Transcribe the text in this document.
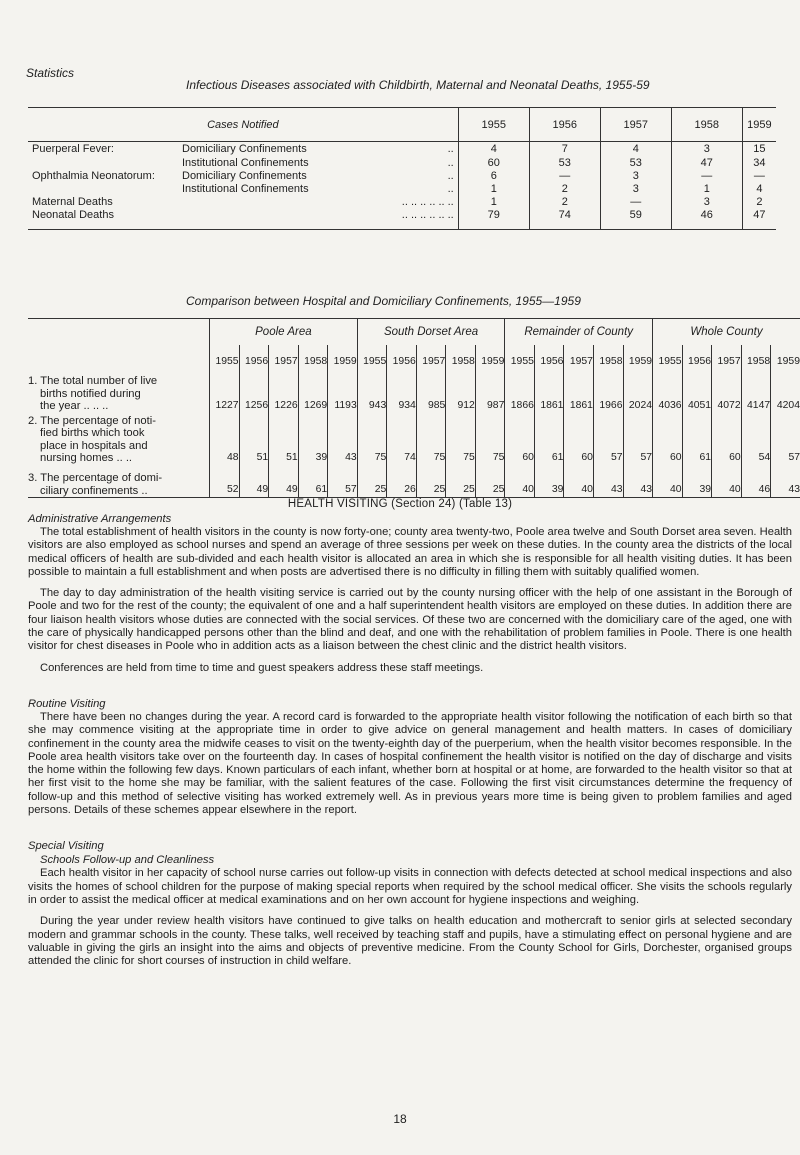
Statistics
Infectious Diseases associated with Childbirth, Maternal and Neonatal Deaths, 1955-59
Cases Notified			1955	1956	1957	1958	1959
Puerperal Fever:	Domiciliary Confinements	..	4	7	4	3	15
	Institutional Confinements	..	60	53	53	47	34
Ophthalmia Neonatorum:	Domiciliary Confinements	..	6	—	3	—	—
	Institutional Confinements	..	1	2	3	1	4
Maternal Deaths		.. .. .. .. .. ..	1	2	—	3	2
Neonatal Deaths		.. .. .. .. .. ..	79	74	59	46	47

Comparison between Hospital and Domiciliary Confinements, 1955—1959
	Poole Area					South Dorset Area					Remainder of County					Whole County				
	1955	1956	1957	1958	1959	1955	1956	1957	1958	1959	1955	1956	1957	1958	1959	1955	1956	1957	1958	1959

1. The total number of live
births notified during
the year .. .. ..	1227	1256	1226	1269	1193	943	934	985	912	987	1866	1861	1861	1966	2024	4036	4051	4072	4147	4204

2. The percentage of noti-
fied births which took
place in hospitals and
nursing homes .. ..	48	51	51	39	43	75	74	75	75	75	60	61	60	57	57	60	61	60	54	57

3. The percentage of domi-
ciliary confinements ..	52	49	49	61	57	25	26	25	25	25	40	39	40	43	43	40	39	40	46	43
HEALTH VISITING (Section 24) (Table 13)
Administrative Arrangements

The total establishment of health visitors in the county is now forty-one; county area twenty-two, Poole area twelve and South Dorset area seven. Health visitors are also employed as school nurses and spend an average of three sessions per week on these duties. In the county area the districts of the local medical officers of health are sub-divided and each health visitor is allocated an area in which she is responsible for all health visiting duties. It has been possible to maintain a full establishment and when posts are advertised there is no difficulty in filling them with suitably qualified women.

The day to day administration of the health visiting service is carried out by the county nursing officer with the help of one assistant in the Borough of Poole and two for the rest of the county; the equivalent of one and a half superintendent health visitors are employed on these duties. In addition there are four liaison health visitors whose duties are connected with the social services. Of these two are concerned with the domiciliary care of the aged, one with the care of physically handicapped persons other than the blind and deaf, and one with the rehabilitation of problem families in Poole. There is one health visitor for chest diseases in Poole who in addition acts as a liaison between the chest clinic and the district health visitors.

Conferences are held from time to time and guest speakers address these staff meetings.

Routine Visiting

There have been no changes during the year. A record card is forwarded to the appropriate health visitor following the notification of each birth so that she may commence visiting at the appropriate time in order to give advice on general management and health matters. In cases of domiciliary confinement in the county area the midwife ceases to visit on the twenty-eighth day of the puerperium, when the health visitor becomes responsible. In the Poole area health visitors take over on the fourteenth day. In cases of hospital confinement the health visitor is notified on the day of discharge and visits the home within the following few days. Known particulars of each infant, whether born at hospital or at home, are forwarded to the health visitor so that at her first visit to the home she may be familiar, with the salient features of the case. Following the first visit circumstances determine the frequency of follow-up and this method of selective visiting has worked extremely well. As in previous years more time is being given to problem families and aged persons. Details of these schemes appear elsewhere in the report.

Special Visiting
Schools Follow-up and Cleanliness

Each health visitor in her capacity of school nurse carries out follow-up visits in connection with defects detected at school medical inspections and also visits the homes of school children for the purpose of making special reports when required by the school medical officer. She visits the schools regularly in order to assist the medical officer at medical examinations and on her own account for hygiene inspections and weighing.

During the year under review health visitors have continued to give talks on health education and mothercraft to senior girls at selected secondary modern and grammar schools in the county. These talks, well received by teaching staff and pupils, have a stimulating effect on personal hygiene and are valuable in giving the girls an insight into the aims and objects of preventive medicine. From the County School for Girls, Dorchester, organised groups attended the clinic for short courses of instruction in child welfare.

18
